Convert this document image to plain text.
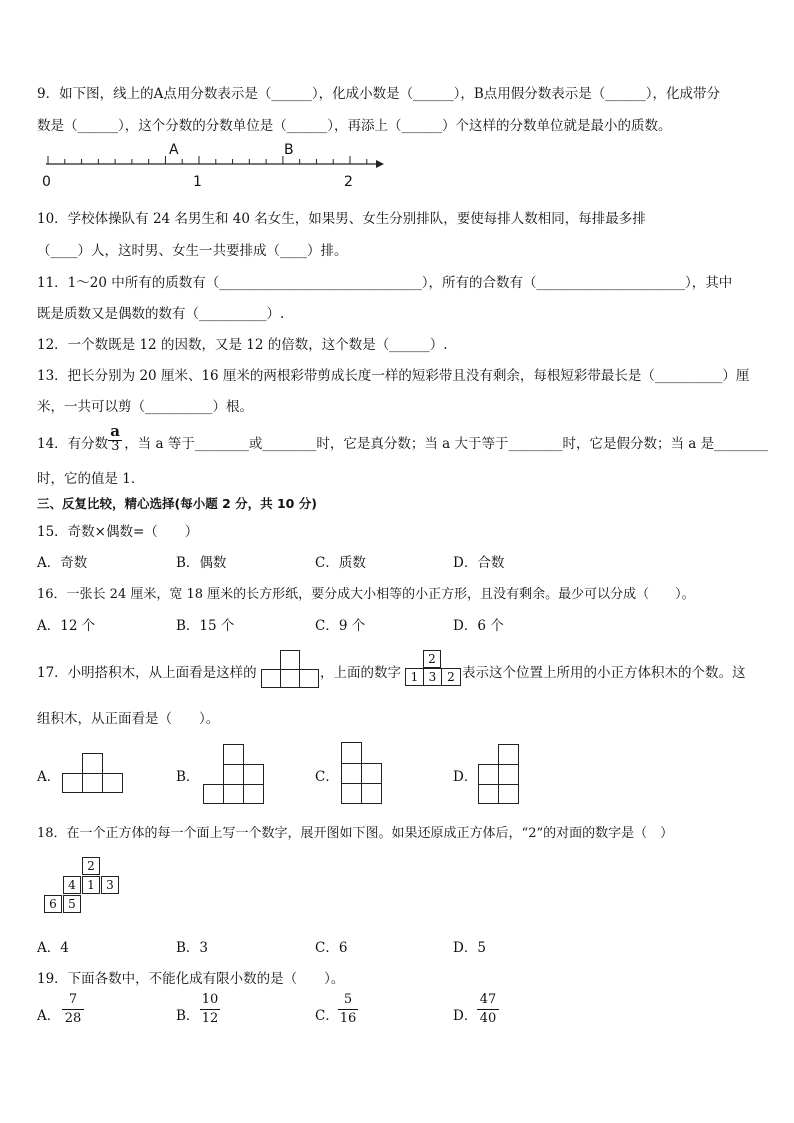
9．如下图，线上的A点用分数表示是（______），化成小数是（______），B点用假分数表示是（______），化成带分
数是（______），这个分数的分数单位是（______），再添上（______）个这样的分数单位就是最小的质数。
A	B
0	1	2
10．学校体操队有 24 名男生和 40 名女生，如果男、女生分别排队，要使每排人数相同，每排最多排
（____）人，这时男、女生一共要排成（____）排。
11．1～20 中所有的质数有（______________________________），所有的合数有（______________________），其中
既是质数又是偶数的数有（__________）.
12．一个数既是 12 的因数，又是 12 的倍数，这个数是（______）.
13．把长分别为 20 厘米、16 厘米的两根彩带剪成长度一样的短彩带且没有剩余，每根短彩带最长是（__________）厘
米，一共可以剪（__________）根。
14．有分数 $\frac{a}{3}$ ，当 a 等于________或________时，它是真分数；当 a 大于等于________时，它是假分数；当 a 是________
时，它的值是 1．
三、反复比较，精心选择(每小题 2 分，共 10 分)
15．奇数×偶数=（　　）
A．奇数	B．偶数	C．质数	D．合数
16．一张长 24 厘米，宽 18 厘米的长方形纸，要分成大小相等的小正方形，且没有剩余。最少可以分成（　　）。
A．12 个	B．15 个	C．9 个	D．6 个
17．小明搭积木，从上面看是这样的	，上面的数字
2
1 3 2 表示这个位置上所用的小正方体积木的个数。这
组积木，从正面看是（　　）。
A．	B．	C．	D．
18．在一个正方体的每一个面上写一个数字，展开图如下图。如果还原成正方体后，“2”的对面的数字是（　）
2
4 1 3
6 5
A．4	B．3	C．6	D．5
19．下面各数中，不能化成有限小数的是（　　）。
A．
7
28	B．
10
12	C．
5
16	D．
47
40
